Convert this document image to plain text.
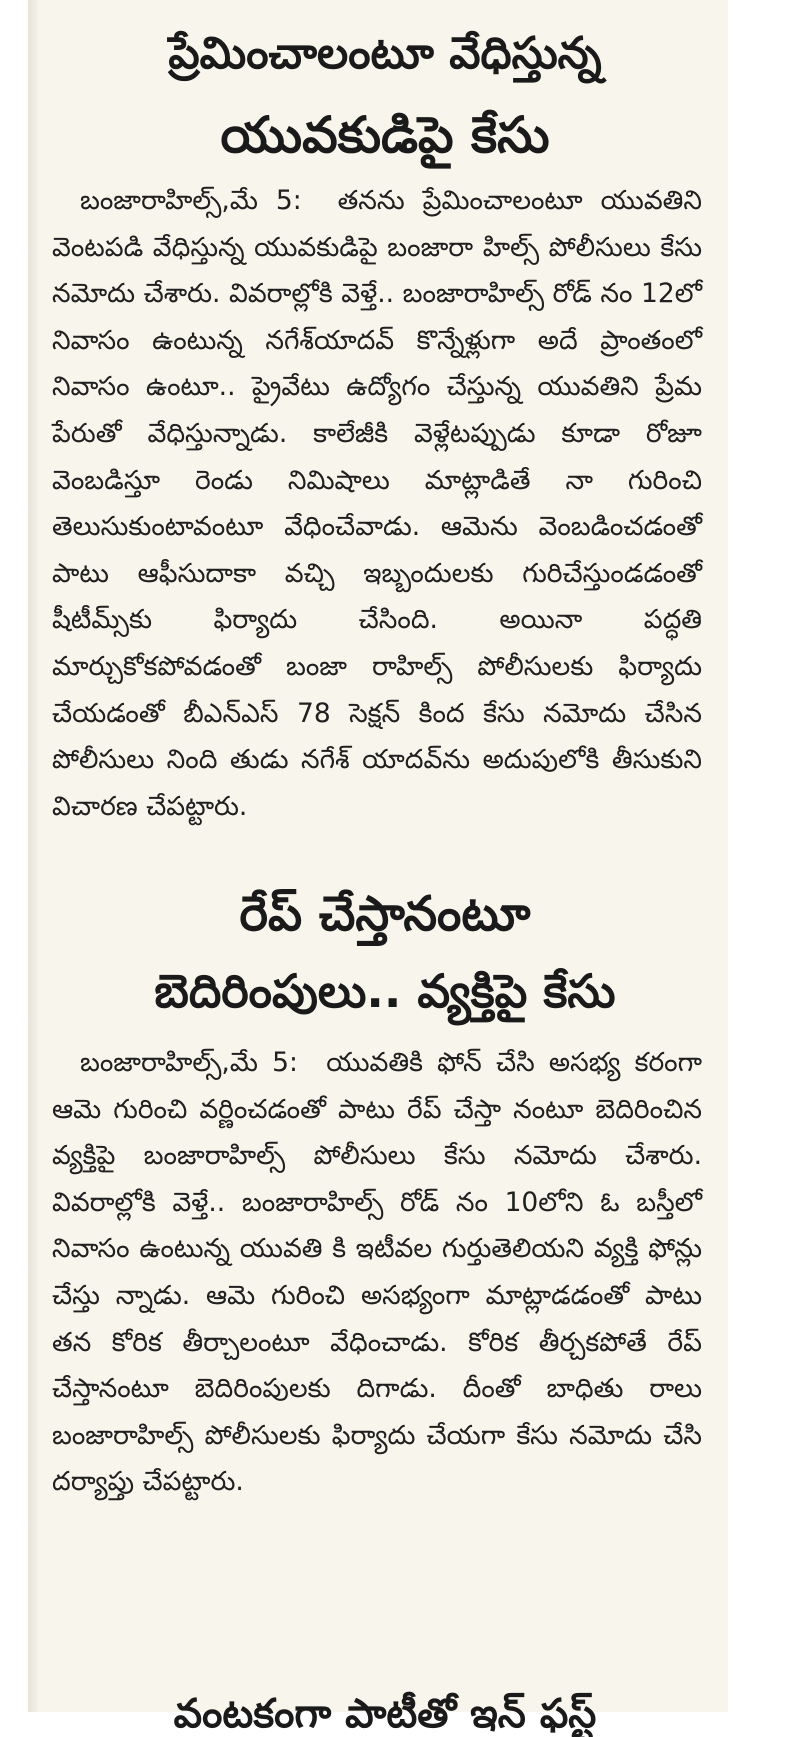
ప్రేమించాలంటూ వేధిస్తున్న
యువకుడిపై కేసు

బంజారాహిల్స్,మే 5: తనను ప్రేమించాలంటూ యువతిని వెంటపడి వేధిస్తున్న యువకుడిపై బంజారా హిల్స్ పోలీసులు కేసు నమోదు చేశారు. వివరాల్లోకి వెళ్తే.. బంజారాహిల్స్ రోడ్ నం 12లో నివాసం ఉంటున్న నగేశ్‌యాదవ్ కొన్నేళ్లుగా అదే ప్రాంతంలో నివాసం ఉంటూ.. ప్రైవేటు ఉద్యోగం చేస్తున్న యువతిని ప్రేమ పేరుతో వేధిస్తున్నాడు. కాలేజీకి వెళ్లేటప్పుడు కూడా రోజూ వెంబడిస్తూ రెండు నిమిషాలు మాట్లాడితే నా గురించి తెలుసుకుంటావంటూ వేధించేవాడు. ఆమెను వెంబడించడంతో పాటు ఆఫీసుదాకా వచ్చి ఇబ్బందులకు గురిచేస్తుండడంతో షీటీమ్స్‌కు ఫిర్యాదు చేసింది. అయినా పద్ధతి మార్చుకోకపోవడంతో బంజా రాహిల్స్ పోలీసులకు ఫిర్యాదు చేయడంతో బీఎన్ఎస్ 78 సెక్షన్ కింద కేసు నమోదు చేసిన పోలీసులు నింది తుడు నగేశ్ యాదవ్‌ను అదుపులోకి తీసుకుని విచారణ చేపట్టారు.

రేప్ చేస్తానంటూ
బెదిరింపులు.. వ్యక్తిపై కేసు

బంజారాహిల్స్,మే 5: యువతికి ఫోన్ చేసి అసభ్య కరంగా ఆమె గురించి వర్ణించడంతో పాటు రేప్ చేస్తా నంటూ బెదిరించిన వ్యక్తిపై బంజారాహిల్స్ పోలీసులు కేసు నమోదు చేశారు. వివరాల్లోకి వెళ్తే.. బంజారాహిల్స్ రోడ్ నం 10లోని ఓ బస్తీలో నివాసం ఉంటున్న యువతి కి ఇటీవల గుర్తుతెలియని వ్యక్తి ఫోన్లు చేస్తు న్నాడు. ఆమె గురించి అసభ్యంగా మాట్లాడడంతో పాటు తన కోరిక తీర్చాలంటూ వేధించాడు. కోరిక తీర్చకపోతే రేప్ చేస్తానంటూ బెదిరింపులకు దిగాడు. దీంతో బాధితు రాలు బంజారాహిల్స్ పోలీసులకు ఫిర్యాదు చేయగా కేసు నమోదు చేసి దర్యాప్తు చేపట్టారు.

వంటకంగా పాటీతో ఇన్ ఫస్ట్
